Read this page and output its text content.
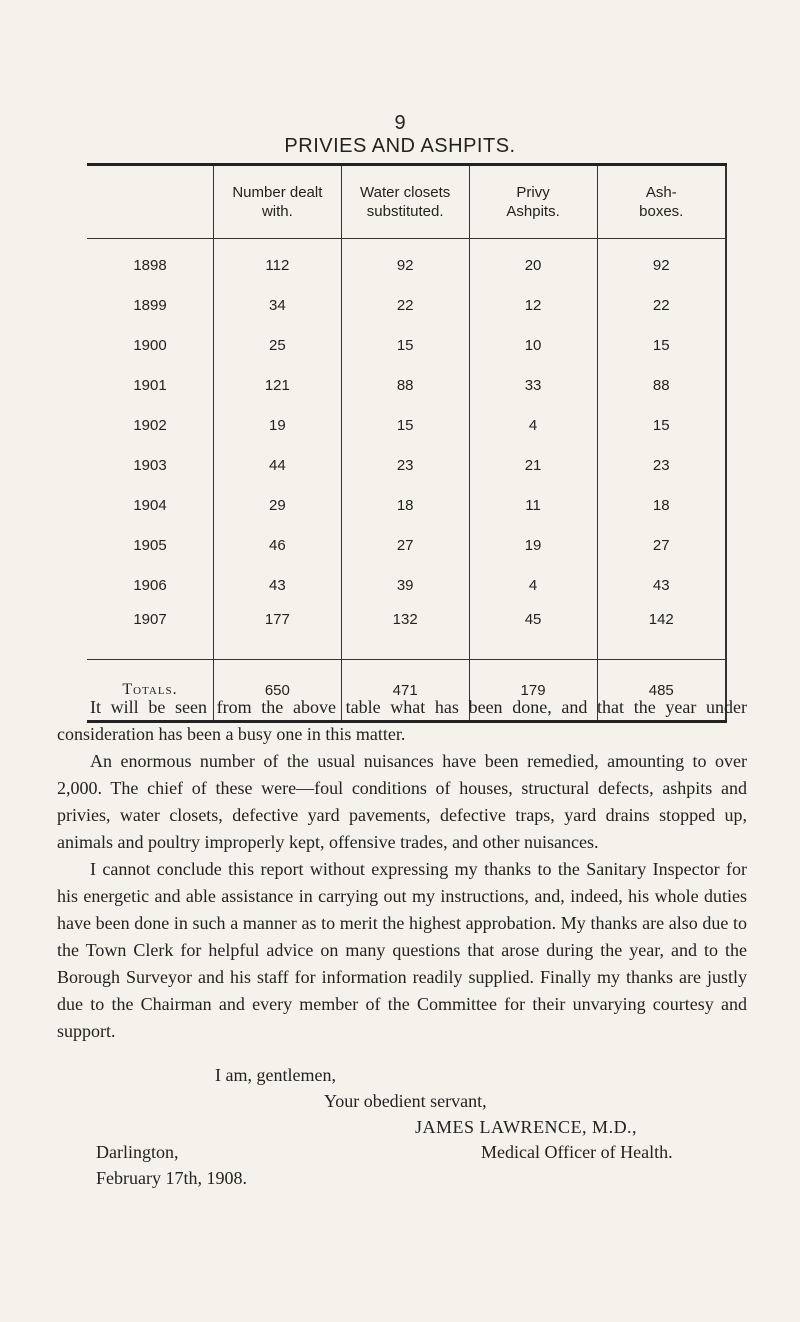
9
PRIVIES AND ASHPITS.
	Number dealt with.	Water closets substituted.	Privy Ashpits.	Ash-boxes.
1898	112	92	20	92
1899	34	22	12	22
1900	25	15	10	15
1901	121	88	33	88
1902	19	15	4	15
1903	44	23	21	23
1904	29	18	11	18
1905	46	27	19	27
1906	43	39	4	43
1907	177	132	45	142
Totals.	650	471	179	485

It will be seen from the above table what has been done, and that the year under consideration has been a busy one in this matter.

An enormous number of the usual nuisances have been remedied, amounting to over 2,000. The chief of these were—foul conditions of houses, structural defects, ashpits and privies, water closets, defective yard pavements, defective traps, yard drains stopped up, animals and poultry improperly kept, offensive trades, and other nuisances.

I cannot conclude this report without expressing my thanks to the Sanitary Inspector for his energetic and able assistance in carrying out my instructions, and, indeed, his whole duties have been done in such a manner as to merit the highest approbation. My thanks are also due to the Town Clerk for helpful advice on many questions that arose during the year, and to the Borough Surveyor and his staff for information readily supplied. Finally my thanks are justly due to the Chairman and every member of the Committee for their unvarying courtesy and support.

I am, gentlemen,
Your obedient servant,
JAMES LAWRENCE, M.D.,
Darlington,	Medical Officer of Health.
February 17th, 1908.
